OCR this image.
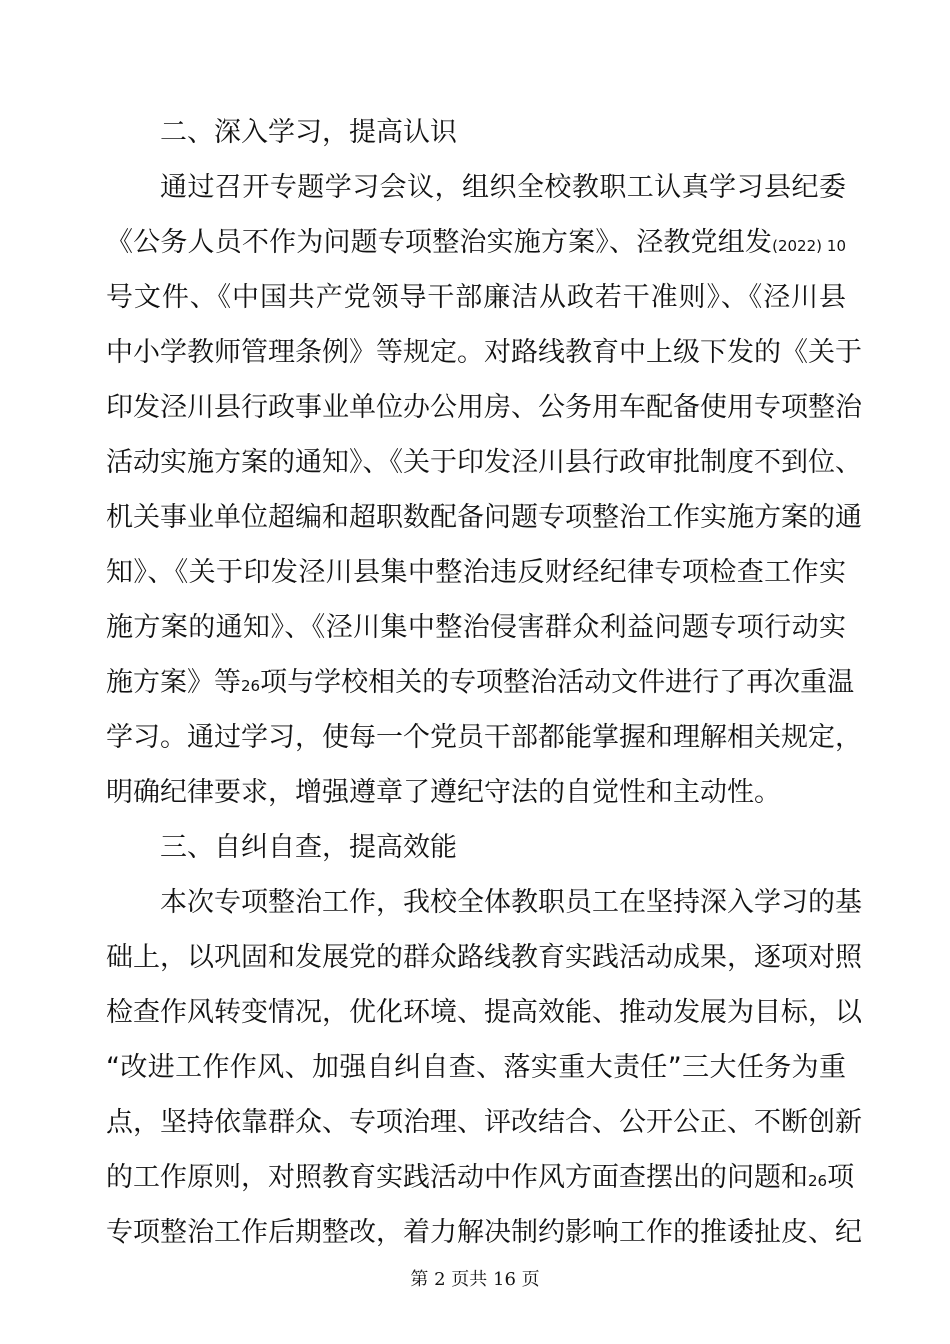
二、深入学习，提高认识
通过召开专题学习会议，组织全校教职工认真学习县纪委
《公务人员不作为问题专项整治实施方案》、泾教党组发(2022) 10
号文件、《中国共产党领导干部廉洁从政若干准则》、《泾川县
中小学教师管理条例》等规定。对路线教育中上级下发的《关于
印发泾川县行政事业单位办公用房、公务用车配备使用专项整治
活动实施方案的通知》、《关于印发泾川县行政审批制度不到位、
机关事业单位超编和超职数配备问题专项整治工作实施方案的通
知》、《关于印发泾川县集中整治违反财经纪律专项检查工作实
施方案的通知》、《泾川集中整治侵害群众利益问题专项行动实
施方案》等26项与学校相关的专项整治活动文件进行了再次重温
学习。通过学习，使每一个党员干部都能掌握和理解相关规定，
明确纪律要求，增强遵章了遵纪守法的自觉性和主动性。
三、自纠自查，提高效能
本次专项整治工作，我校全体教职员工在坚持深入学习的基
础上，以巩固和发展党的群众路线教育实践活动成果，逐项对照
检查作风转变情况，优化环境、提高效能、推动发展为目标，以
“改进工作作风、加强自纠自查、落实重大责任”三大任务为重
点，坚持依靠群众、专项治理、评改结合、公开公正、不断创新
的工作原则，对照教育实践活动中作风方面查摆出的问题和26项
专项整治工作后期整改，着力解决制约影响工作的推诿扯皮、纪
第 2 页共 16 页
